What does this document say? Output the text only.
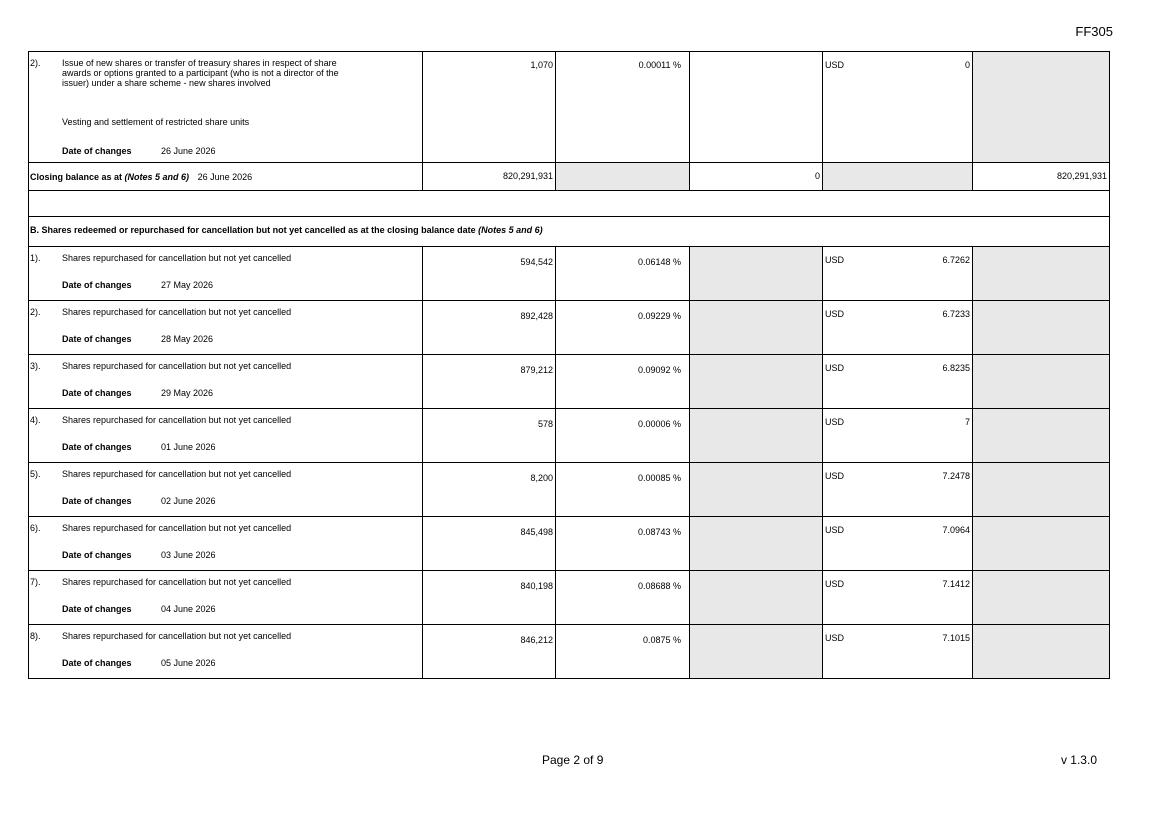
FF305
2). Issue of new shares or transfer of treasury shares in respect of share awards or options granted to a participant (who is not a director of the issuer) under a share scheme - new shares involved
Vesting and settlement of restricted share units
Date of changes 26 June 2026	1,070	0.00011 %		USD 0	

Closing balance as at (Notes 5 and 6) 26 June 2026	820,291,931		0		820,291,931

B. Shares redeemed or repurchased for cancellation but not yet cancelled as at the closing balance date (Notes 5 and 6)					

1). Shares repurchased for cancellation but not yet cancelled
Date of changes 27 May 2026	594,542	0.06148 %		USD 6.7262	

2). Shares repurchased for cancellation but not yet cancelled
Date of changes 28 May 2026	892,428	0.09229 %		USD 6.7233	

3). Shares repurchased for cancellation but not yet cancelled
Date of changes 29 May 2026	879,212	0.09092 %		USD 6.8235	

4). Shares repurchased for cancellation but not yet cancelled
Date of changes 01 June 2026	578	0.00006 %		USD 7	

5). Shares repurchased for cancellation but not yet cancelled
Date of changes 02 June 2026	8,200	0.00085 %		USD 7.2478	

6). Shares repurchased for cancellation but not yet cancelled
Date of changes 03 June 2026	845,498	0.08743 %		USD 7.0964	

7). Shares repurchased for cancellation but not yet cancelled
Date of changes 04 June 2026	840,198	0.08688 %		USD 7.1412	

8). Shares repurchased for cancellation but not yet cancelled
Date of changes 05 June 2026	846,212	0.0875 %		USD 7.1015	

Page 2 of 9	v 1.3.0
